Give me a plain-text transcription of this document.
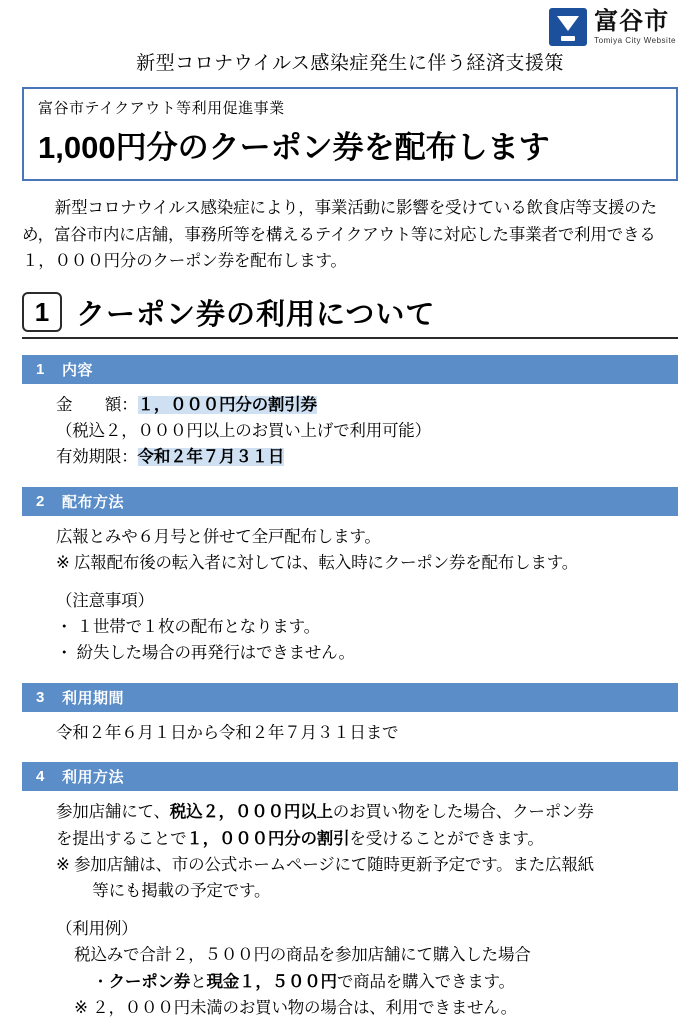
富谷市
Tomiya City Website
新型コロナウイルス感染症発生に伴う経済支援策
富谷市テイクアウト等利用促進事業
1,000円分のクーポン券を配布します

　新型コロナウイルス感染症により，事業活動に影響を受けている飲食店等支援のため，富谷市内に店舗，事務所等を構えるテイクアウト等に対応した事業者で利用できる１，０００円分のクーポン券を配布します。

1 クーポン券の利用について
1 内容
金　　額：１，０００円分の割引券
（税込２，０００円以上のお買い上げで利用可能）
有効期限：令和２年７月３１日
2 配布方法
広報とみや６月号と併せて全戸配布します。
※ 広報配布後の転入者に対しては、転入時にクーポン券を配布します。
（注意事項）
・ １世帯で１枚の配布となります。
・ 紛失した場合の再発行はできません。
3 利用期間
令和２年６月１日から令和２年７月３１日まで
4 利用方法
参加店舗にて、税込２，０００円以上のお買い物をした場合、クーポン券
を提出することで１，０００円分の割引を受けることができます。
※ 参加店舗は、市の公式ホームページにて随時更新予定です。また広報紙
等にも掲載の予定です。
（利用例）
税込みで合計２，５００円の商品を参加店舗にて購入した場合
・クーポン券と現金１，５００円で商品を購入できます。
※ ２，０００円未満のお買い物の場合は、利用できません。
